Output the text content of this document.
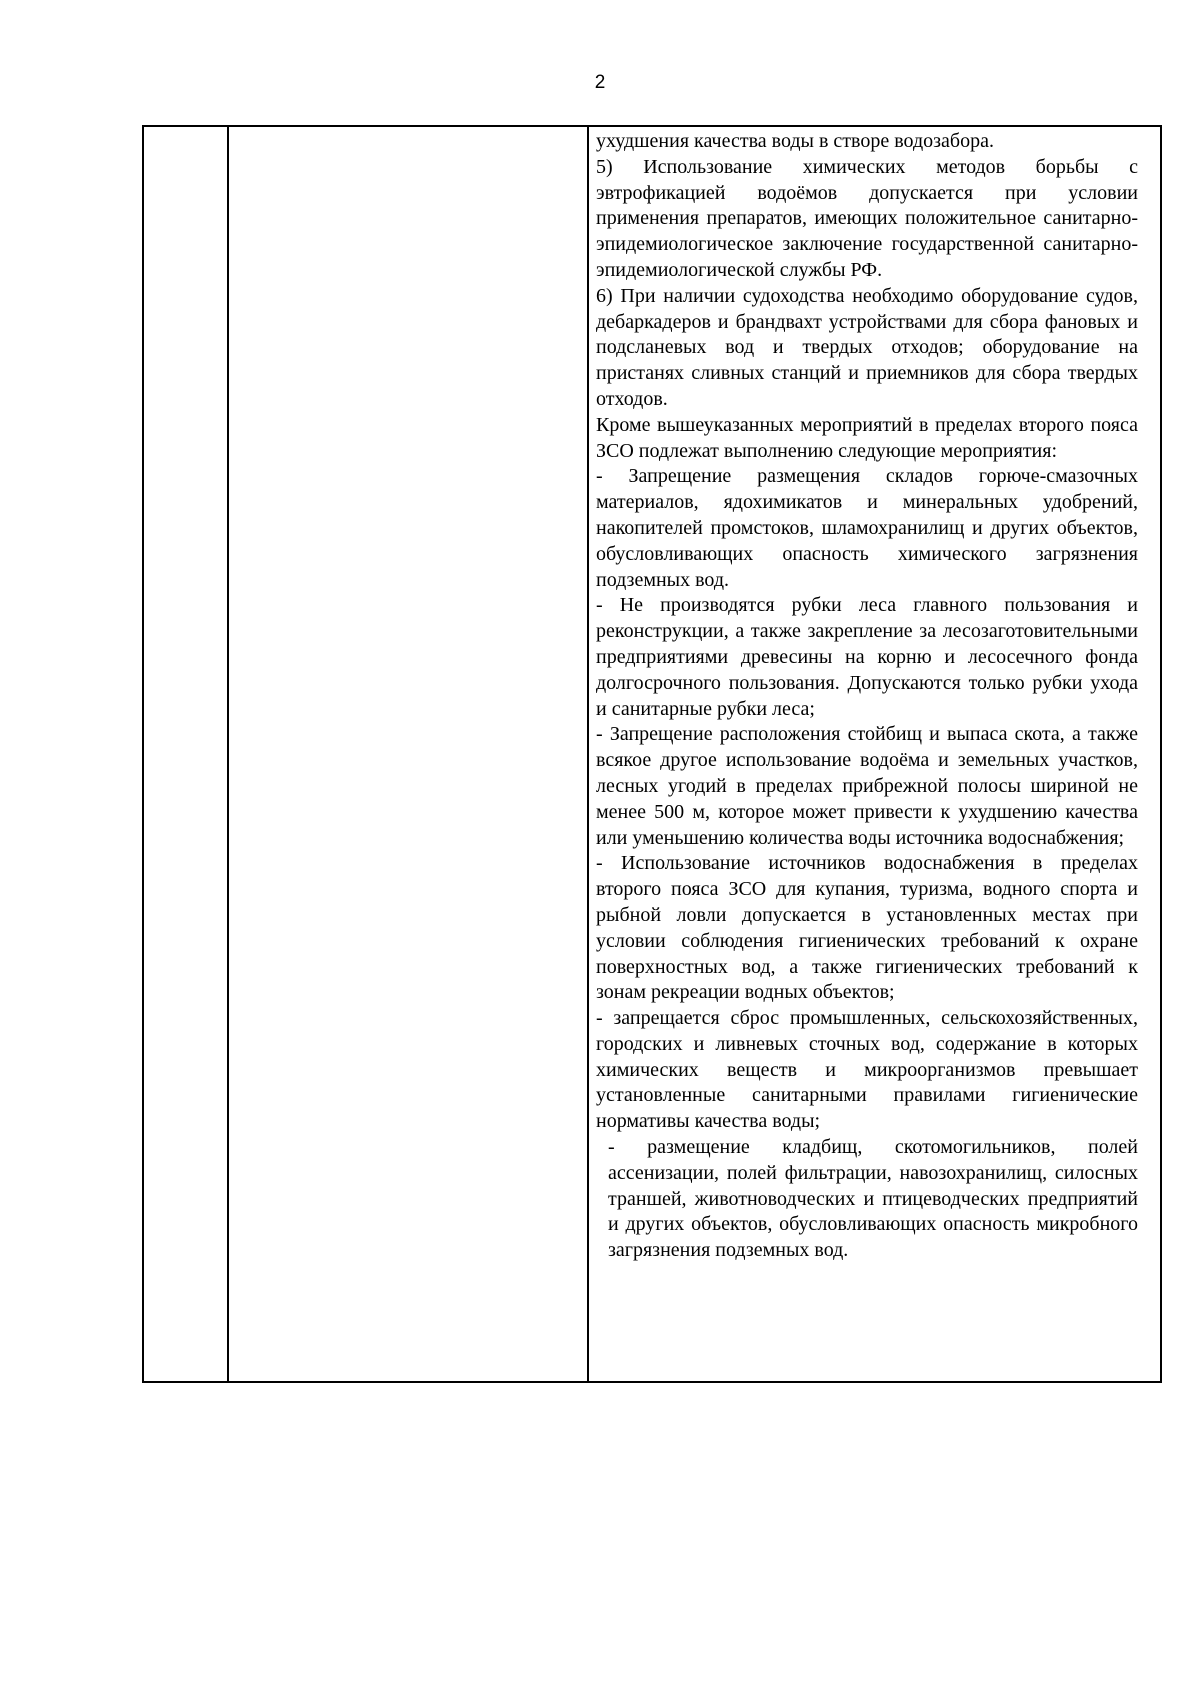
2

ухудшения качества воды в створе водозабора.

5) Использование химических методов борьбы с эвтрофикацией водоёмов допускается при условии применения препаратов, имеющих положительное санитарно-эпидемиологическое заключение государственной санитарно-эпидемиологической службы РФ.

6) При наличии судоходства необходимо оборудование судов, дебаркадеров и брандвахт устройствами для сбора фановых и подсланевых вод и твердых отходов; оборудование на пристанях сливных станций и приемников для сбора твердых отходов.

Кроме вышеуказанных мероприятий в пределах второго пояса ЗСО подлежат выполнению следующие мероприятия:

- Запрещение размещения складов горюче-смазочных материалов, ядохимикатов и минеральных удобрений, накопителей промстоков, шламохранилищ и других объектов, обусловливающих опасность химического загрязнения подземных вод.

- Не производятся рубки леса главного пользования и реконструкции, а также закрепление за лесозаготовительными предприятиями древесины на корню и лесосечного фонда долгосрочного пользования. Допускаются только рубки ухода и санитарные рубки леса;

- Запрещение расположения стойбищ и выпаса скота, а также всякое другое использование водоёма и земельных участков, лесных угодий в пределах прибрежной полосы шириной не менее 500 м, которое может привести к ухудшению качества или уменьшению количества воды источника водоснабжения;

- Использование источников водоснабжения в пределах второго пояса ЗСО для купания, туризма, водного спорта и рыбной ловли допускается в установленных местах при условии соблюдения гигиенических требований к охране поверхностных вод, а также гигиенических требований к зонам рекреации водных объектов;

- запрещается сброс промышленных, сельскохозяйственных, городских и ливневых сточных вод, содержание в которых химических веществ и микроорганизмов превышает установленные санитарными правилами гигиенические нормативы качества воды;

- размещение кладбищ, скотомогильников, полей ассенизации, полей фильтрации, навозохранилищ, силосных траншей, животноводческих и птицеводческих предприятий и других объектов, обусловливающих опасность микробного загрязнения подземных вод.
